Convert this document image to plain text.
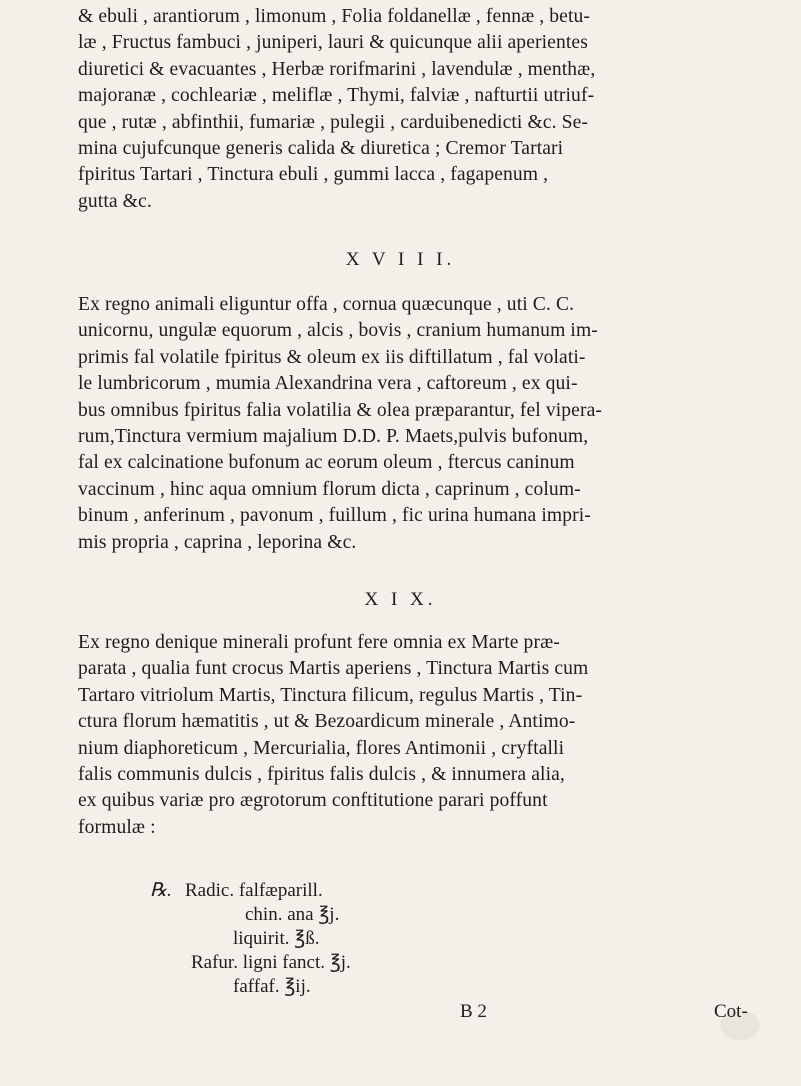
& ebuli , arantiorum , limonum , Folia foldanellæ , fennæ , betu-
læ , Fructus fambuci , juniperi, lauri & quicunque alii aperientes
diuretici & evacuantes , Herbæ rorifmarini , lavendulæ , menthæ,
majoranæ , cochleariæ , meliflæ , Thymi, falviæ , nafturtii utriuf-
que , rutæ , abfinthii, fumariæ , pulegii , carduibenedicti &c. Se-
mina cujufcunque generis calida & diuretica ; Cremor Tartari
fpiritus Tartari , Tinctura ebuli , gummi lacca , fagapenum ,
gutta &c.
X V I I I.
Ex regno animali eliguntur offa , cornua quæcunque , uti C. C.
unicornu, ungulæ equorum , alcis , bovis , cranium humanum im-
primis fal volatile fpiritus & oleum ex iis diftillatum , fal volati-
le lumbricorum , mumia Alexandrina vera , caftoreum , ex qui-
bus omnibus fpiritus falia volatilia & olea præparantur, fel vipera-
rum,Tinctura vermium majalium D.D. P. Maets,pulvis bufonum,
fal ex calcinatione bufonum ac eorum oleum , ftercus caninum
vaccinum , hinc aqua omnium florum dicta , caprinum , colum-
binum , anferinum , pavonum , fuillum , fic urina humana impri-
mis propria , caprina , leporina &c.
X I X.
Ex regno denique minerali profunt fere omnia ex Marte præ-
parata , qualia funt crocus Martis aperiens , Tinctura Martis cum
Tartaro vitriolum Martis, Tinctura filicum, regulus Martis , Tin-
ctura florum hæmatitis , ut & Bezoardicum minerale , Antimo-
nium diaphoreticum , Mercurialia, flores Antimonii , cryftalli
falis communis dulcis , fpiritus falis dulcis , & innumera alia,
ex quibus variæ pro ægrotorum conftitutione parari poffunt
formulæ :
℞. Radic. falfæparill.
chin. ana ℥j.
liquirit. ℥ß.
Rafur. ligni fanct. ℥j.
faffaf. ℥ij.
B 2	Cot-
